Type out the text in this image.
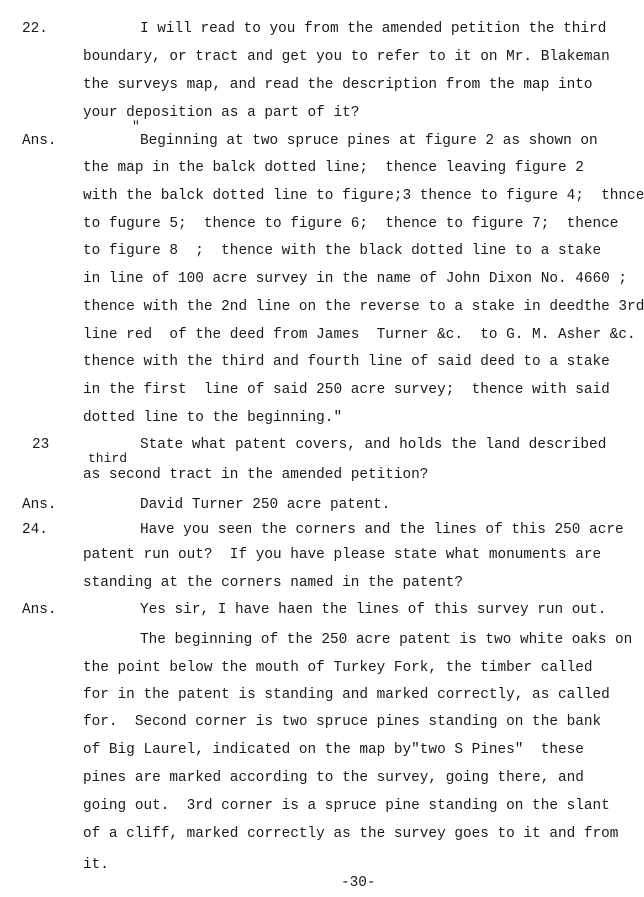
22.	I will read to you from the amended petition the third
boundary, or tract and get you to refer to it on Mr. Blakeman
the surveys map, and read the description from the map into
your deposition as a part of it?
Ans.	Beginning at two spruce pines at figure 2 as shown on
the map in the balck dotted line;  thence leaving figure 2
with the balck dotted line to figure;3 thence to figure 4;  thnce
to fugure 5;  thence to figure 6;  thence to figure 7;  thence
to figure 8  ;  thence with the black dotted line to a stake
in line of 100 acre survey in the name of John Dixon No. 4660 ;
thence with the 2nd line on the reverse to a stake in deedthe 3rd
line red  of the deed from James  Turner &c.  to G. M. Asher &c.
thence with the third and fourth line of said deed to a stake
in the first  line of said 250 acre survey;  thence with said
dotted line to the beginning."
23	State what patent covers, and holds the land described
as second tract in the amended petition?
Ans.	David Turner 250 acre patent.
24.	Have you seen the corners and the lines of this 250 acre
patent run out?  If you have please state what monuments are
standing at the corners named in the patent?
Ans.	Yes sir, I have haen the lines of this survey run out.
The beginning of the 250 acre patent is two white oaks on
the point below the mouth of Turkey Fork, the timber called
for in the patent is standing and marked correctly, as called
for.  Second corner is two spruce pines standing on the bank
of Big Laurel, indicated on the map by"two S Pines"  these
pines are marked according to the survey, going there, and
going out.  3rd corner is a spruce pine standing on the slant
of a cliff, marked correctly as the survey goes to it and from
it.
third
"
-30-
